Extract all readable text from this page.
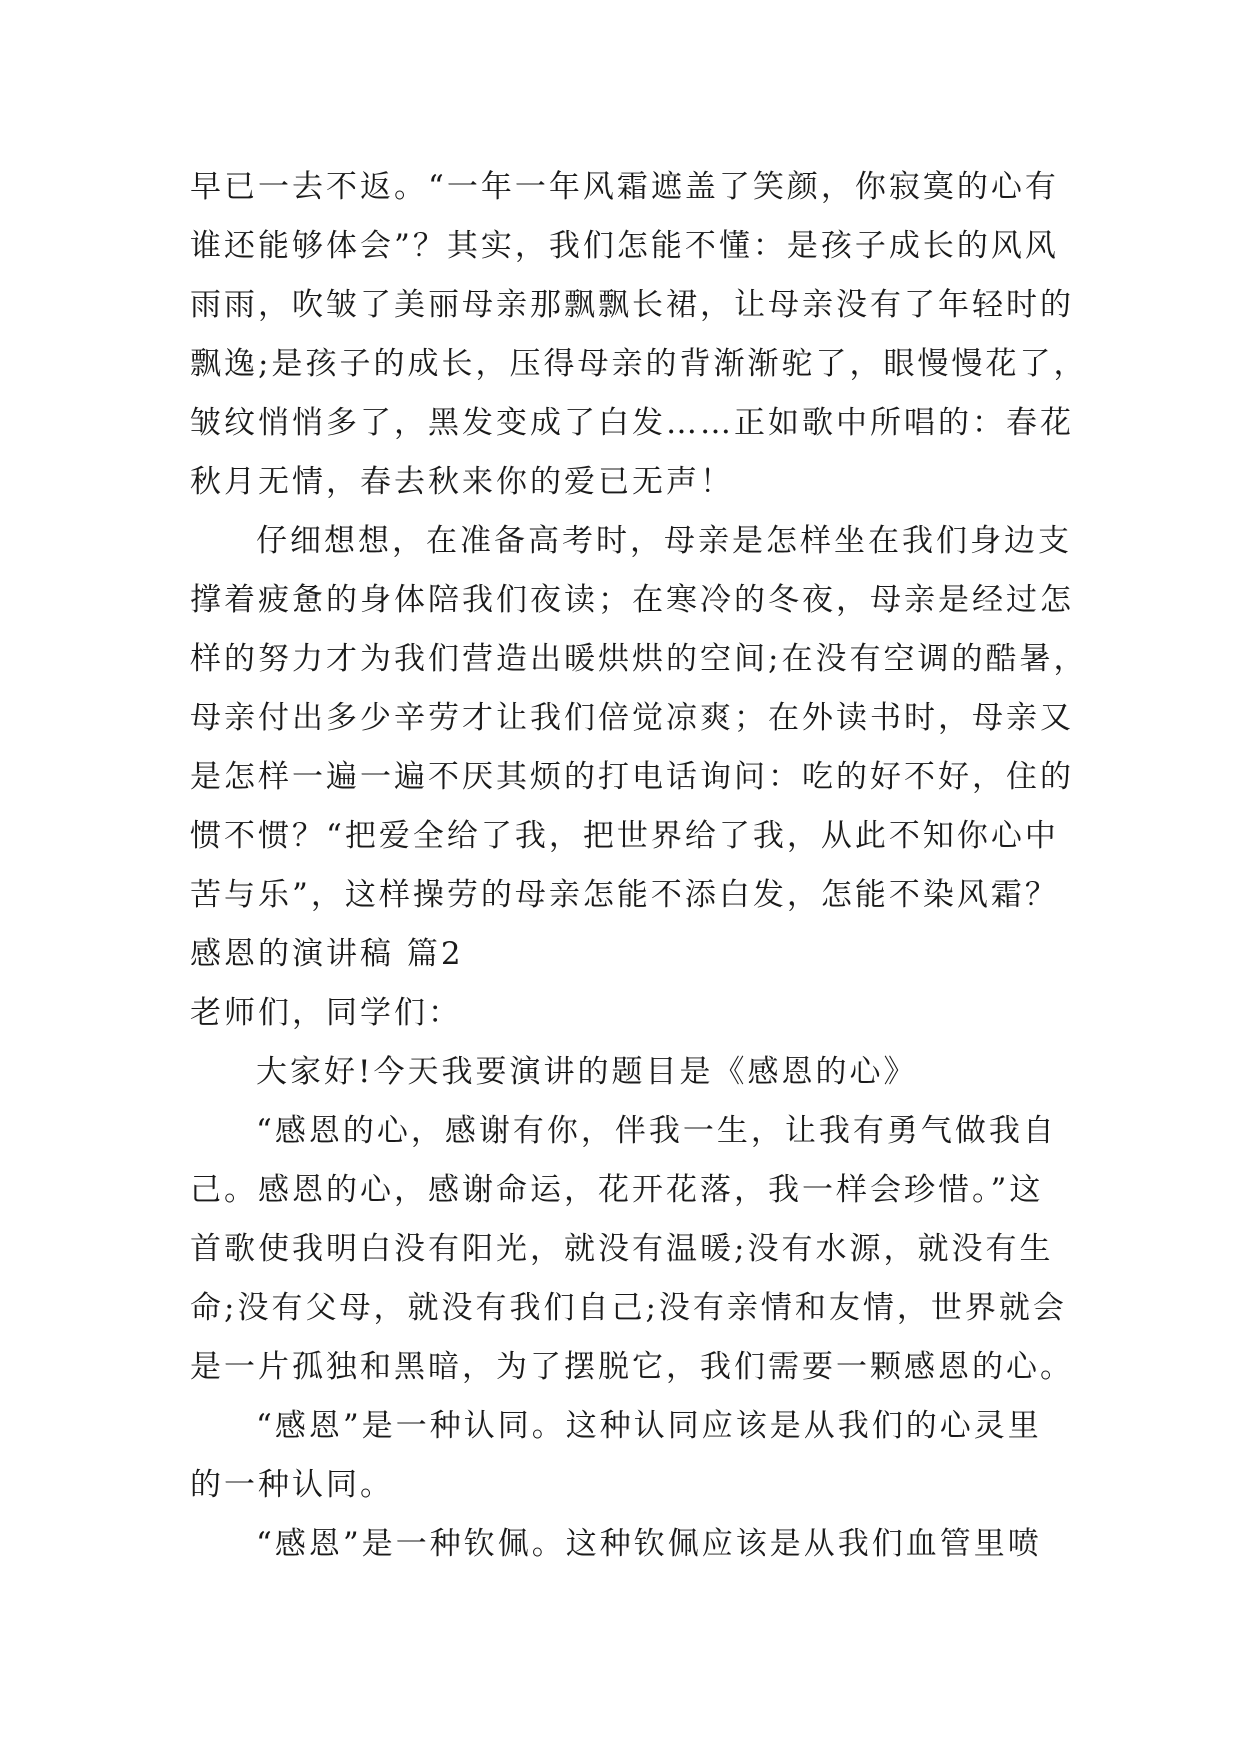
早已一去不返。“一年一年风霜遮盖了笑颜，你寂寞的心有
谁还能够体会”？其实，我们怎能不懂：是孩子成长的风风
雨雨，吹皱了美丽母亲那飘飘长裙，让母亲没有了年轻时的
飘逸;是孩子的成长，压得母亲的背渐渐驼了，眼慢慢花了，
皱纹悄悄多了，黑发变成了白发……正如歌中所唱的：春花
秋月无情，春去秋来你的爱已无声！
仔细想想，在准备高考时，母亲是怎样坐在我们身边支
撑着疲惫的身体陪我们夜读；在寒冷的冬夜，母亲是经过怎
样的努力才为我们营造出暖烘烘的空间;在没有空调的酷暑，
母亲付出多少辛劳才让我们倍觉凉爽；在外读书时，母亲又
是怎样一遍一遍不厌其烦的打电话询问：吃的好不好，住的
惯不惯？“把爱全给了我，把世界给了我，从此不知你心中
苦与乐”，这样操劳的母亲怎能不添白发，怎能不染风霜？
感恩的演讲稿 篇2
老师们，同学们：
大家好!今天我要演讲的题目是《感恩的心》
“感恩的心，感谢有你，伴我一生，让我有勇气做我自
己。感恩的心，感谢命运，花开花落，我一样会珍惜。”这
首歌使我明白没有阳光，就没有温暖;没有水源，就没有生
命;没有父母，就没有我们自己;没有亲情和友情，世界就会
是一片孤独和黑暗，为了摆脱它，我们需要一颗感恩的心。
“感恩”是一种认同。这种认同应该是从我们的心灵里
的一种认同。
“感恩”是一种钦佩。这种钦佩应该是从我们血管里喷
